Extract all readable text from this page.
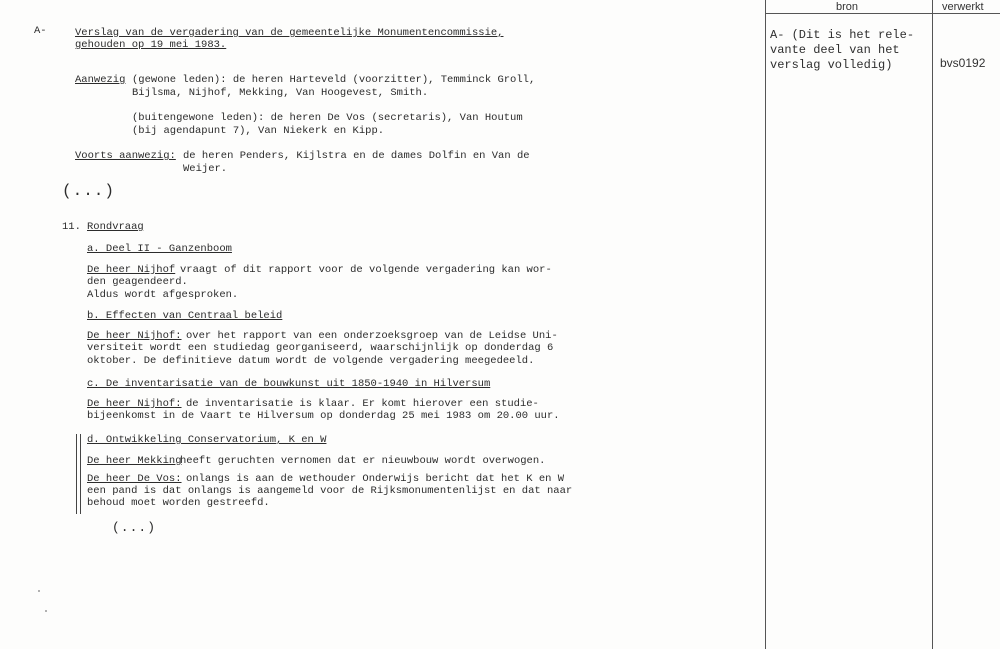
bron	verwerkt
A- (Dit is het rele-
vante deel van het
verslag volledig)	bvs0192
A-	Verslag van de vergadering van de gemeentelijke Monumentencommissie,
gehouden op 19 mei 1983.
Aanwezig (gewone leden): de heren Harteveld (voorzitter), Temminck Groll,
Bijlsma, Nijhof, Mekking, Van Hoogevest, Smith.
(buitengewone leden): de heren De Vos (secretaris), Van Houtum
(bij agendapunt 7), Van Niekerk en Kipp.
Voorts aanwezig: de heren Penders, Kijlstra en de dames Dolfin en Van de
Weijer.
(...)
11. Rondvraag
a. Deel II - Ganzenboom
De heer Nijhof vraagt of dit rapport voor de volgende vergadering kan wor-
den geagendeerd.
Aldus wordt afgesproken.
b. Effecten van Centraal beleid
De heer Nijhof: over het rapport van een onderzoeksgroep van de Leidse Uni-
versiteit wordt een studiedag georganiseerd, waarschijnlijk op donderdag 6
oktober. De definitieve datum wordt de volgende vergadering meegedeeld.
c. De inventarisatie van de bouwkunst uit 1850-1940 in Hilversum
De heer Nijhof: de inventarisatie is klaar. Er komt hierover een studie-
bijeenkomst in de Vaart te Hilversum op donderdag 25 mei 1983 om 20.00 uur.
d. Ontwikkeling Conservatorium, K en W
De heer Mekking
heeft geruchten vernomen dat er nieuwbouw wordt overwogen.
De heer De Vos: onlangs is aan de wethouder Onderwijs bericht dat het K en W
een pand is dat onlangs is aangemeld voor de Rijksmonumentenlijst en dat naar
behoud moet worden gestreefd.
(...)
